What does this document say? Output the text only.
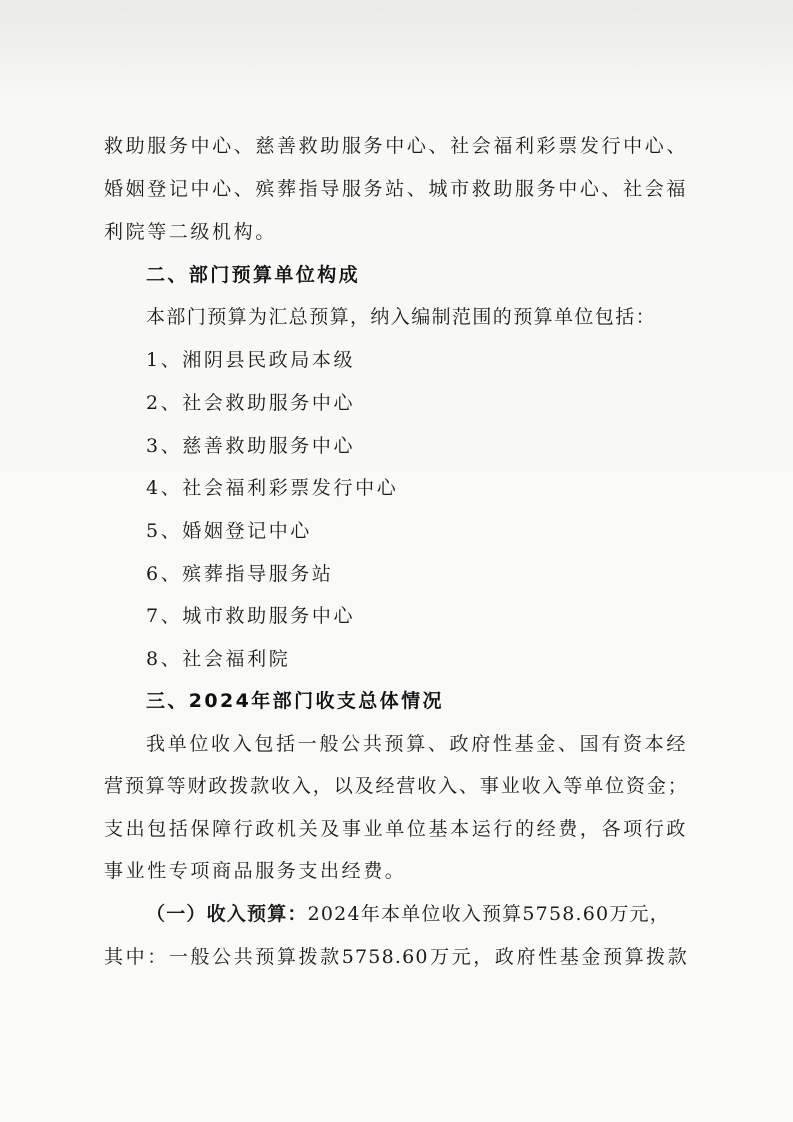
救助服务中心、慈善救助服务中心、社会福利彩票发行中心、
婚姻登记中心、殡葬指导服务站、城市救助服务中心、社会福
利院等二级机构。
二、部门预算单位构成
本部门预算为汇总预算，纳入编制范围的预算单位包括：
1、湘阴县民政局本级
2、社会救助服务中心
3、慈善救助服务中心
4、社会福利彩票发行中心
5、婚姻登记中心
6、殡葬指导服务站
7、城市救助服务中心
8、社会福利院
三、2024年部门收支总体情况
我单位收入包括一般公共预算、政府性基金、国有资本经
营预算等财政拨款收入，以及经营收入、事业收入等单位资金；
支出包括保障行政机关及事业单位基本运行的经费，各项行政
事业性专项商品服务支出经费。
（一）收入预算：2024年本单位收入预算5758.60万元，
其中：一般公共预算拨款5758.60万元，政府性基金预算拨款
